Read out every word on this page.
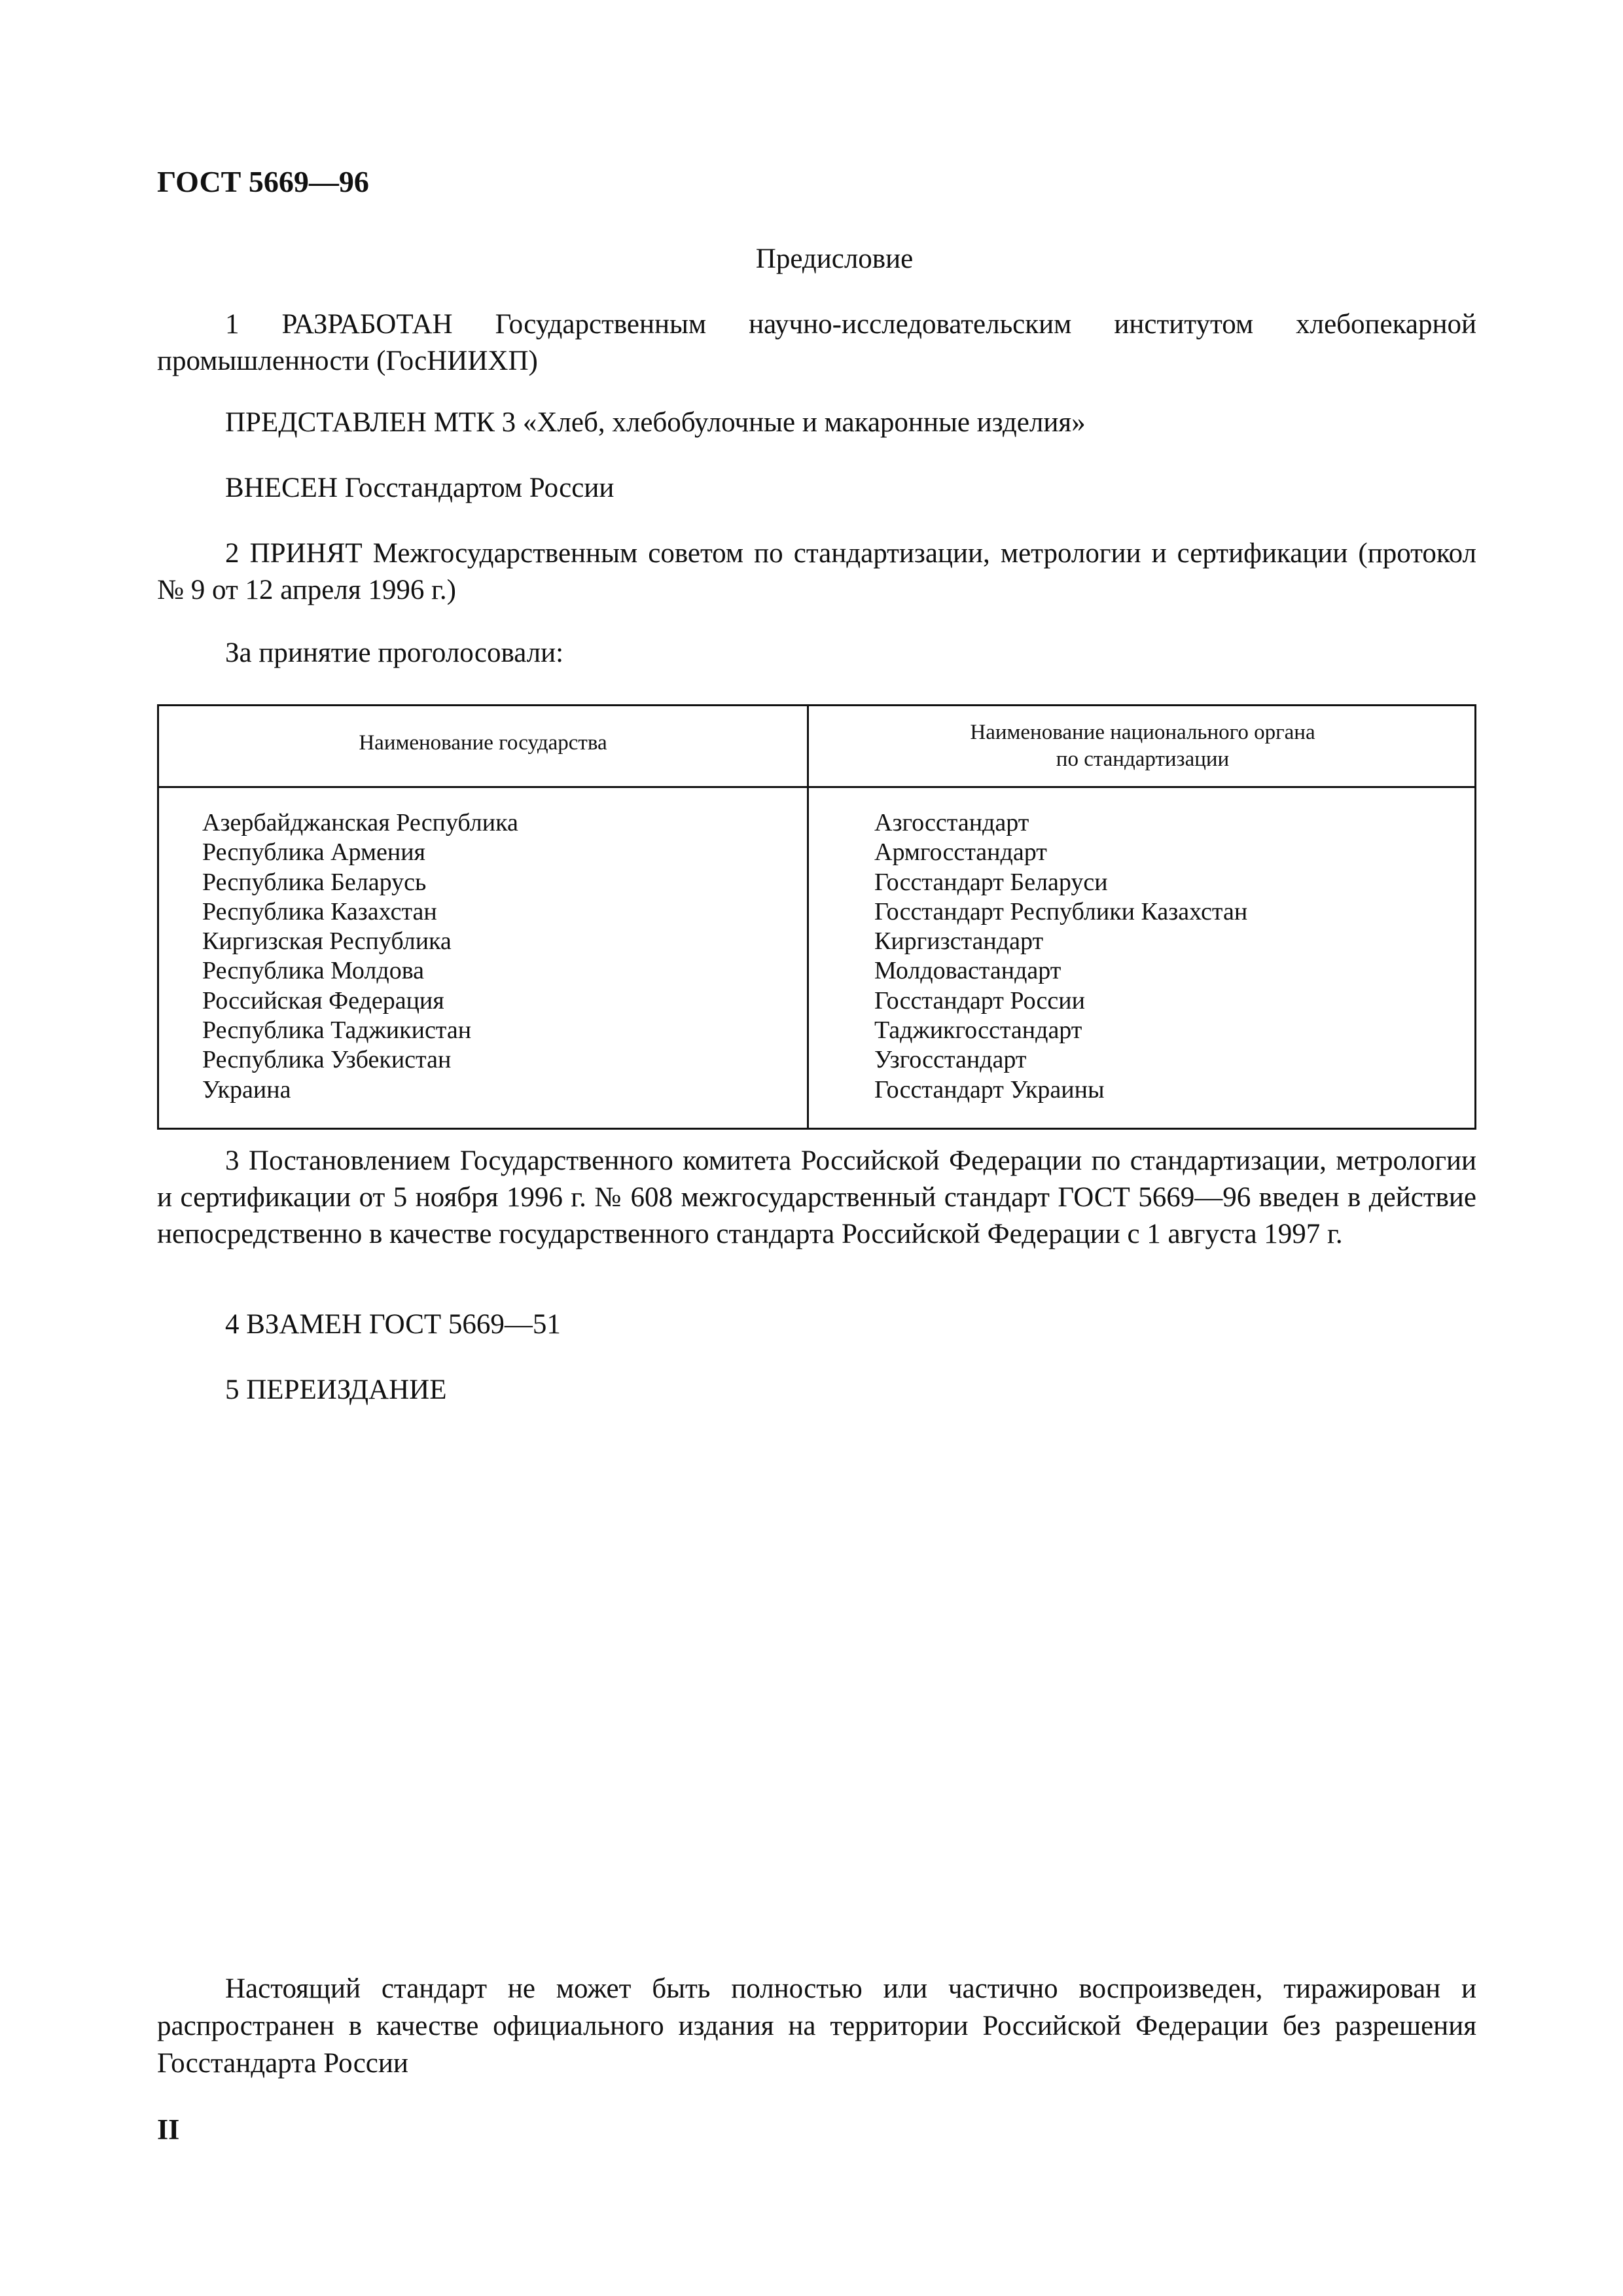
ГОСТ 5669—96
Предисловие
1 РАЗРАБОТАН Государственным научно-исследовательским институтом хлебопекарной промышленности (ГосНИИХП)
ПРЕДСТАВЛЕН МТК 3 «Хлеб, хлебобулочные и макаронные изделия»
ВНЕСЕН Госстандартом России
2 ПРИНЯТ Межгосударственным советом по стандартизации, метрологии и сертификации (протокол № 9 от 12 апреля 1996 г.)
За принятие проголосовали:
Наименование государства	Наименование национального органа
по стандартизации
Азербайджанская Республика
Республика Армения
Республика Беларусь
Республика Казахстан
Киргизская Республика
Республика Молдова
Российская Федерация
Республика Таджикистан
Республика Узбекистан
Украина
Азгосстандарт
Армгосстандарт
Госстандарт Беларуси
Госстандарт Республики Казахстан
Киргизстандарт
Молдовастандарт
Госстандарт России
Таджикгосстандарт
Узгосстандарт
Госстандарт Украины
3 Постановлением Государственного комитета Российской Федерации по стандартизации, метрологии и сертификации от 5 ноября 1996 г. № 608 межгосударственный стандарт ГОСТ 5669—96 введен в действие непосредственно в качестве государственного стандарта Российской Федерации с 1 августа 1997 г.
4 ВЗАМЕН ГОСТ 5669—51
5 ПЕРЕИЗДАНИЕ
Настоящий стандарт не может быть полностью или частично воспроизведен, тиражирован и распространен в качестве официального издания на территории Российской Федерации без разрешения Госстандарта России
II
